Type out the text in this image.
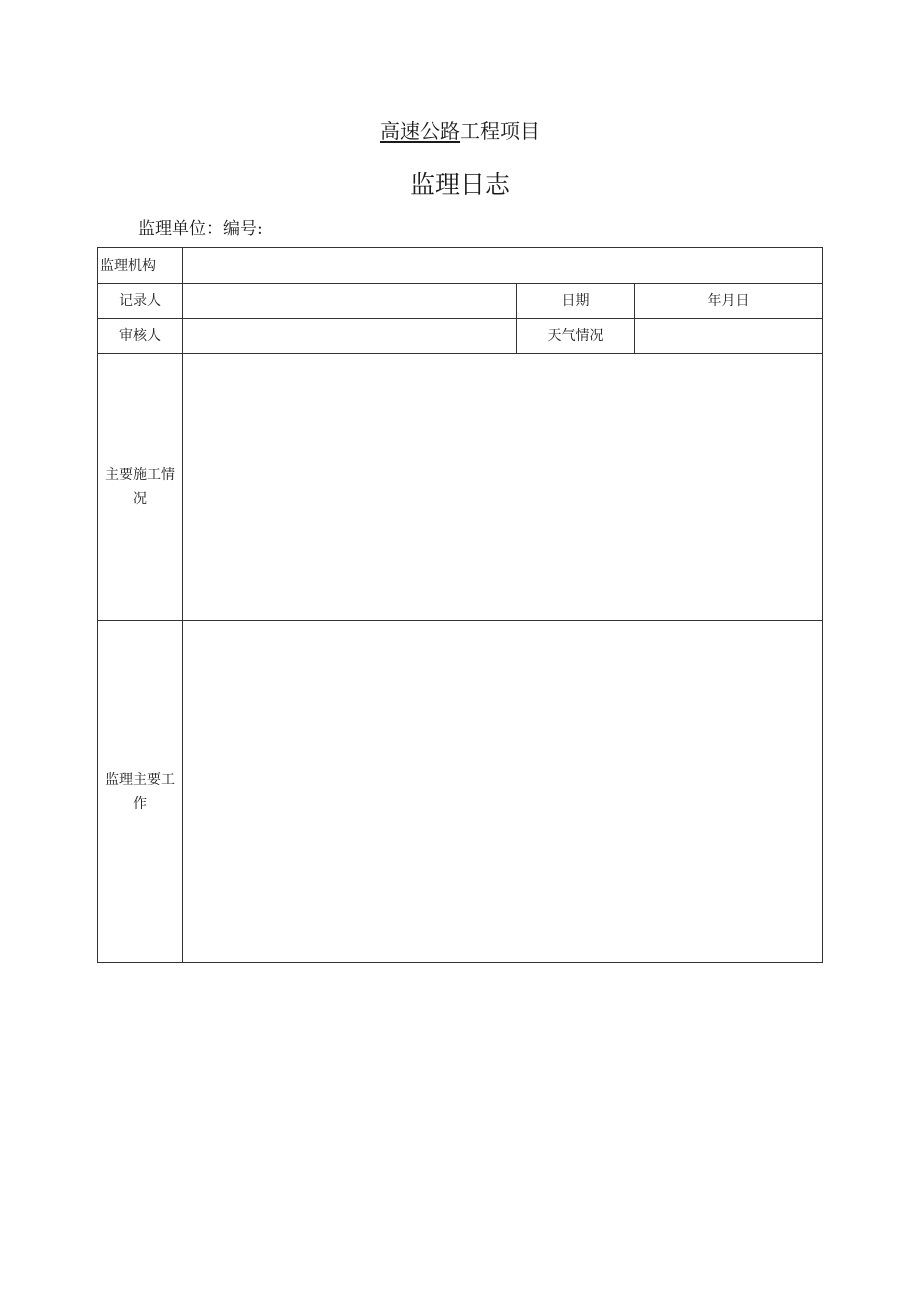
高速公路工程项目
监理日志
监理单位：编号:
监理机构			
记录人		日期	年月日
审核人		天气情况	
主要施工情况			
监理主要工作			
